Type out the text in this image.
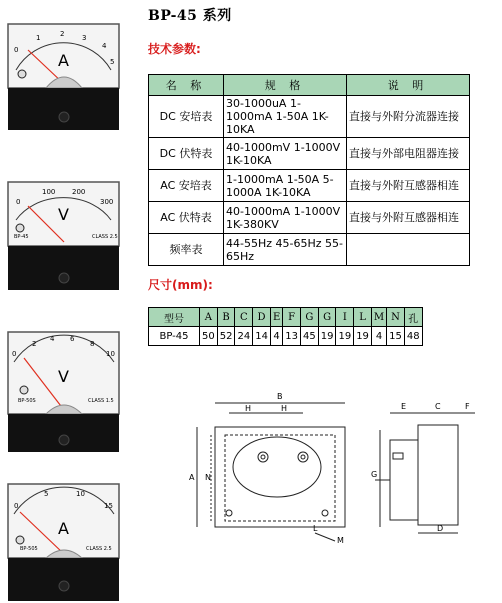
0
1	2	3
4
5
A
0
100 200
300
V
BP-45	CLASS 2.5
0
2
4 6
8
10
V
BP-50S	CLASS 1.5
0
5	10
15
A
BP-505	CLASS 2.5
BP-45 系列
技术参数:
尺寸(mm):
名 称	规 格	说 明
DC 安培表	30-1000uA 1-1000mA 1-50A 1K-10KA	直接与外附分流器连接
DC 伏特表	40-1000mV 1-1000V 1K-10KA	直接与外部电阻器连接
AC 安培表	1-1000mA 1-50A 5-1000A 1K-10KA	直接与外附互感器相连
AC 伏特表	40-1000mA 1-1000V 1K-380KV	直接与外附互感器相连
频率表	44-55Hz 45-65Hz 55-65Hz	
型号	A	B	C	D	E	F	G	G	I	L	M	N	孔
BP-45	50	52	24	14	4	13	45	19	19	19	4	15	48
B
H	H
A N
L
M
E	C	F
G
D
